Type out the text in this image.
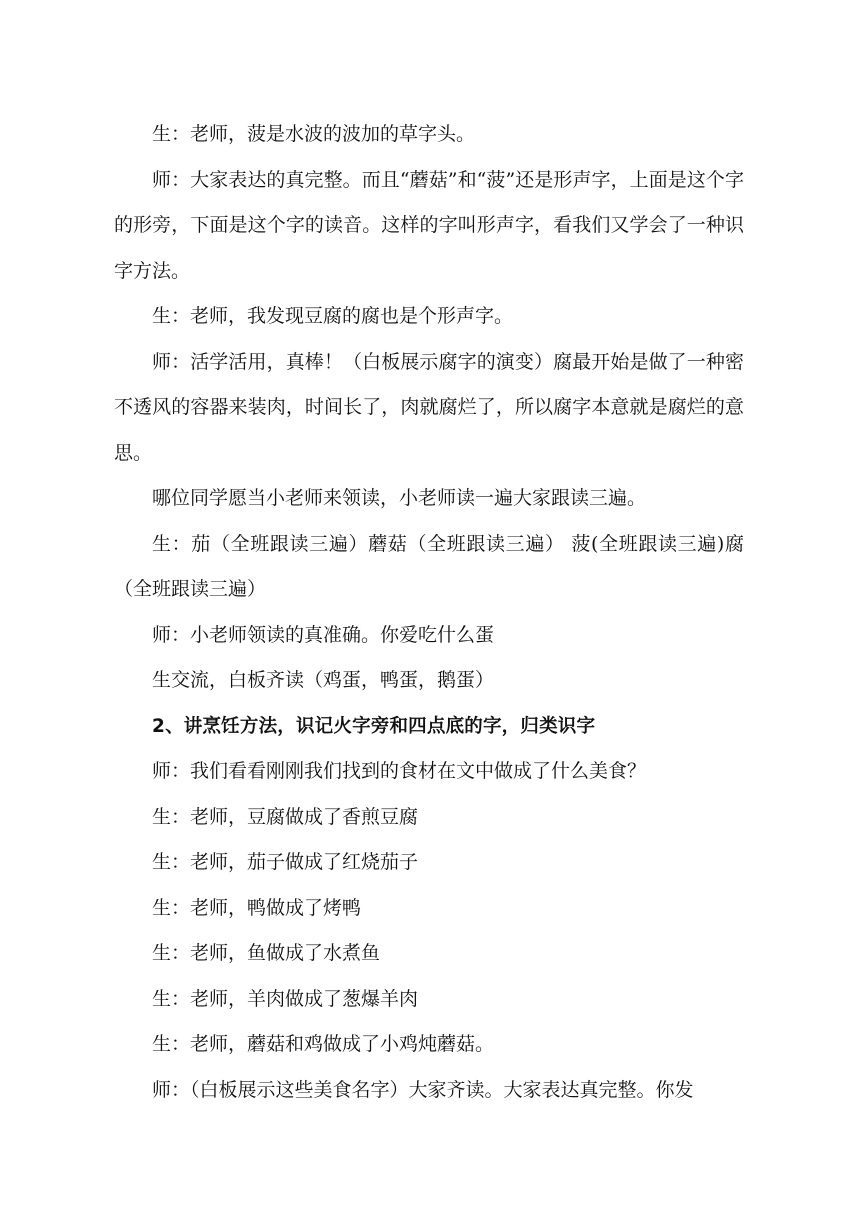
生：老师，菠是水波的波加的草字头。

师：大家表达的真完整。而且“蘑菇”和“菠”还是形声字，上面是这个字的形旁，下面是这个字的读音。这样的字叫形声字，看我们又学会了一种识字方法。

生：老师，我发现豆腐的腐也是个形声字。

师：活学活用，真棒！（白板展示腐字的演变）腐最开始是做了一种密不透风的容器来装肉，时间长了，肉就腐烂了，所以腐字本意就是腐烂的意思。

哪位同学愿当小老师来领读，小老师读一遍大家跟读三遍。

生：茄（全班跟读三遍）蘑菇（全班跟读三遍） 菠(全班跟读三遍)腐（全班跟读三遍）

师：小老师领读的真准确。你爱吃什么蛋

生交流，白板齐读（鸡蛋，鸭蛋，鹅蛋）

2、讲烹饪方法，识记火字旁和四点底的字，归类识字

师：我们看看刚刚我们找到的食材在文中做成了什么美食？

生：老师，豆腐做成了香煎豆腐

生：老师，茄子做成了红烧茄子

生：老师，鸭做成了烤鸭

生：老师，鱼做成了水煮鱼

生：老师，羊肉做成了葱爆羊肉

生：老师，蘑菇和鸡做成了小鸡炖蘑菇。

师：（白板展示这些美食名字）大家齐读。大家表达真完整。你发
